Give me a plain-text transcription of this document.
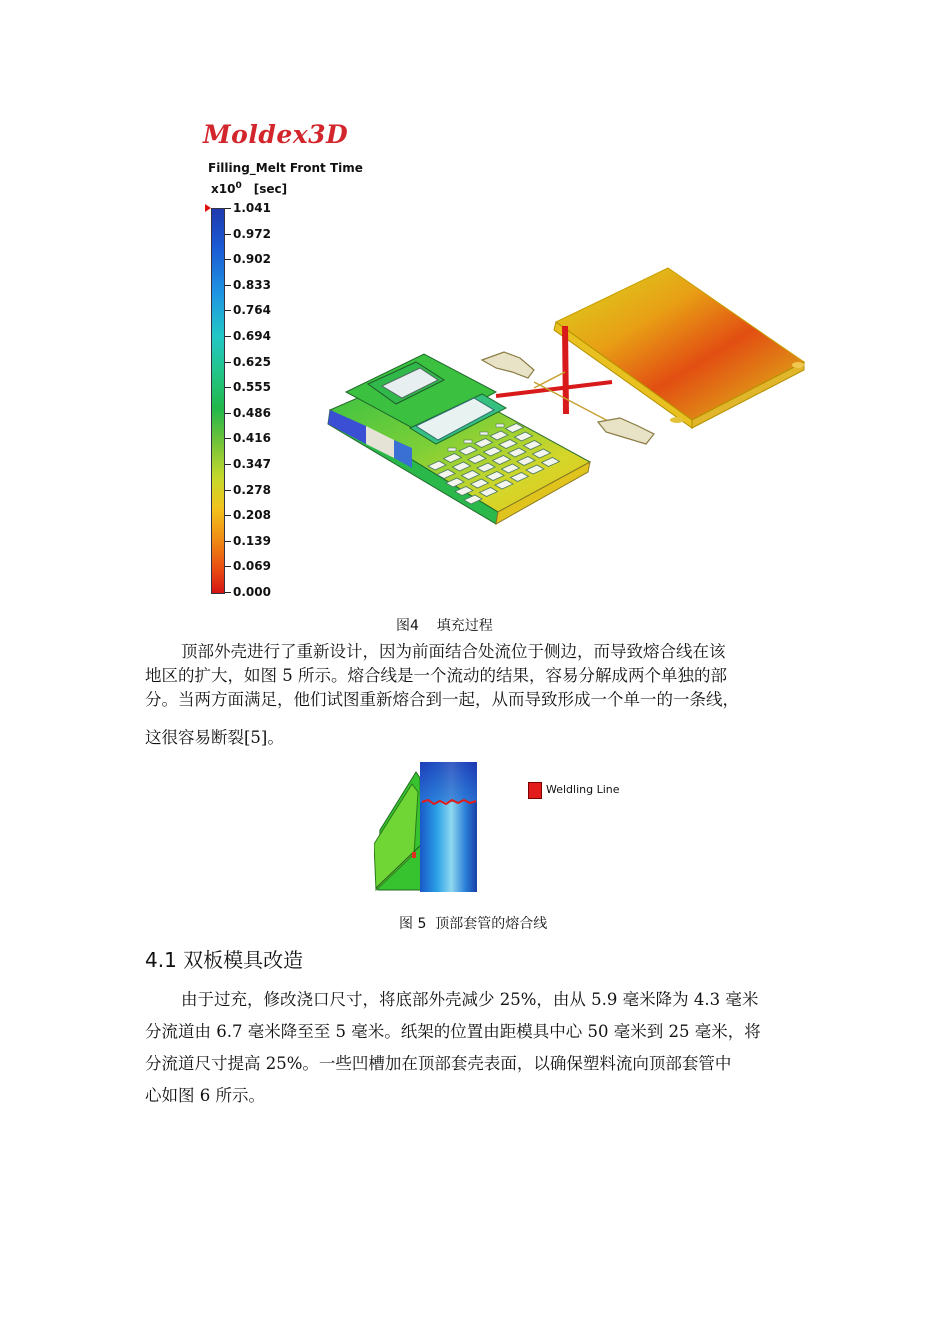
Moldex3D
Filling_Melt Front Time
$x10^0$ [sec]
1.041
0.972
0.902
0.833
0.764
0.694
0.625
0.555
0.486
0.416
0.347
0.278
0.208
0.139
0.069
0.000
图4    填充过程

顶部外壳进行了重新设计，因为前面结合处流位于侧边，而导致熔合线在该

地区的扩大，如图 5 所示。熔合线是一个流动的结果，容易分解成两个单独的部

分。当两方面满足，他们试图重新熔合到一起，从而导致形成一个单一的一条线，

这很容易断裂[5]。

Weldling Line
图 5  顶部套管的熔合线
4.1 双板模具改造

由于过充，修改浇口尺寸，将底部外壳减少 25%，由从 5.9 毫米降为 4.3 毫米

分流道由 6.7 毫米降至至 5 毫米。纸架的位置由距模具中心 50 毫米到 25 毫米，将

分流道尺寸提高 25%。一些凹槽加在顶部套壳表面，以确保塑料流向顶部套管中

心如图 6 所示。
